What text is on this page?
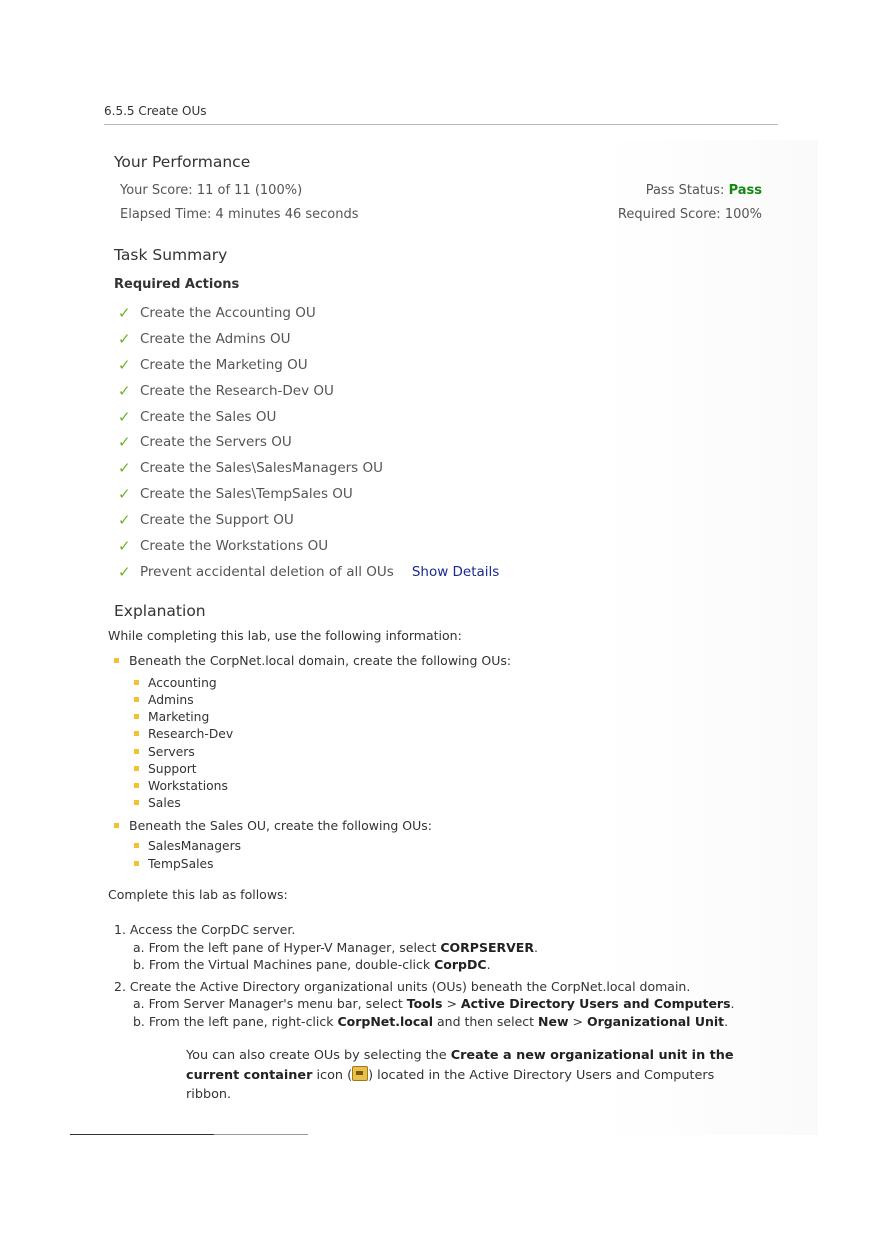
6.5.5 Create OUs
Your Performance
Your Score: 11 of 11 (100%)
Elapsed Time: 4 minutes 46 seconds
Pass Status: Pass
Required Score: 100%
Task Summary
Required Actions
✓ Create the Accounting OU
✓ Create the Admins OU
✓ Create the Marketing OU
✓ Create the Research-Dev OU
✓ Create the Sales OU
✓ Create the Servers OU
✓ Create the Sales\SalesManagers OU
✓ Create the Sales\TempSales OU
✓ Create the Support OU
✓ Create the Workstations OU
✓ Prevent accidental deletion of all OUs Show Details
Explanation
While completing this lab, use the following information:
Beneath the CorpNet.local domain, create the following OUs:
Accounting
Admins
Marketing
Research-Dev
Servers
Support
Workstations
Sales
Beneath the Sales OU, create the following OUs:
SalesManagers
TempSales
Complete this lab as follows:
1. Access the CorpDC server.
a. From the left pane of Hyper-V Manager, select CORPSERVER.
b. From the Virtual Machines pane, double-click CorpDC.
2. Create the Active Directory organizational units (OUs) beneath the CorpNet.local domain.
a. From Server Manager's menu bar, select Tools > Active Directory Users and Computers.
b. From the left pane, right-click CorpNet.local and then select New > Organizational Unit.
You can also create OUs by selecting the Create a new organizational unit in the current container icon ( ) located in the Active Directory Users and Computers ribbon.
